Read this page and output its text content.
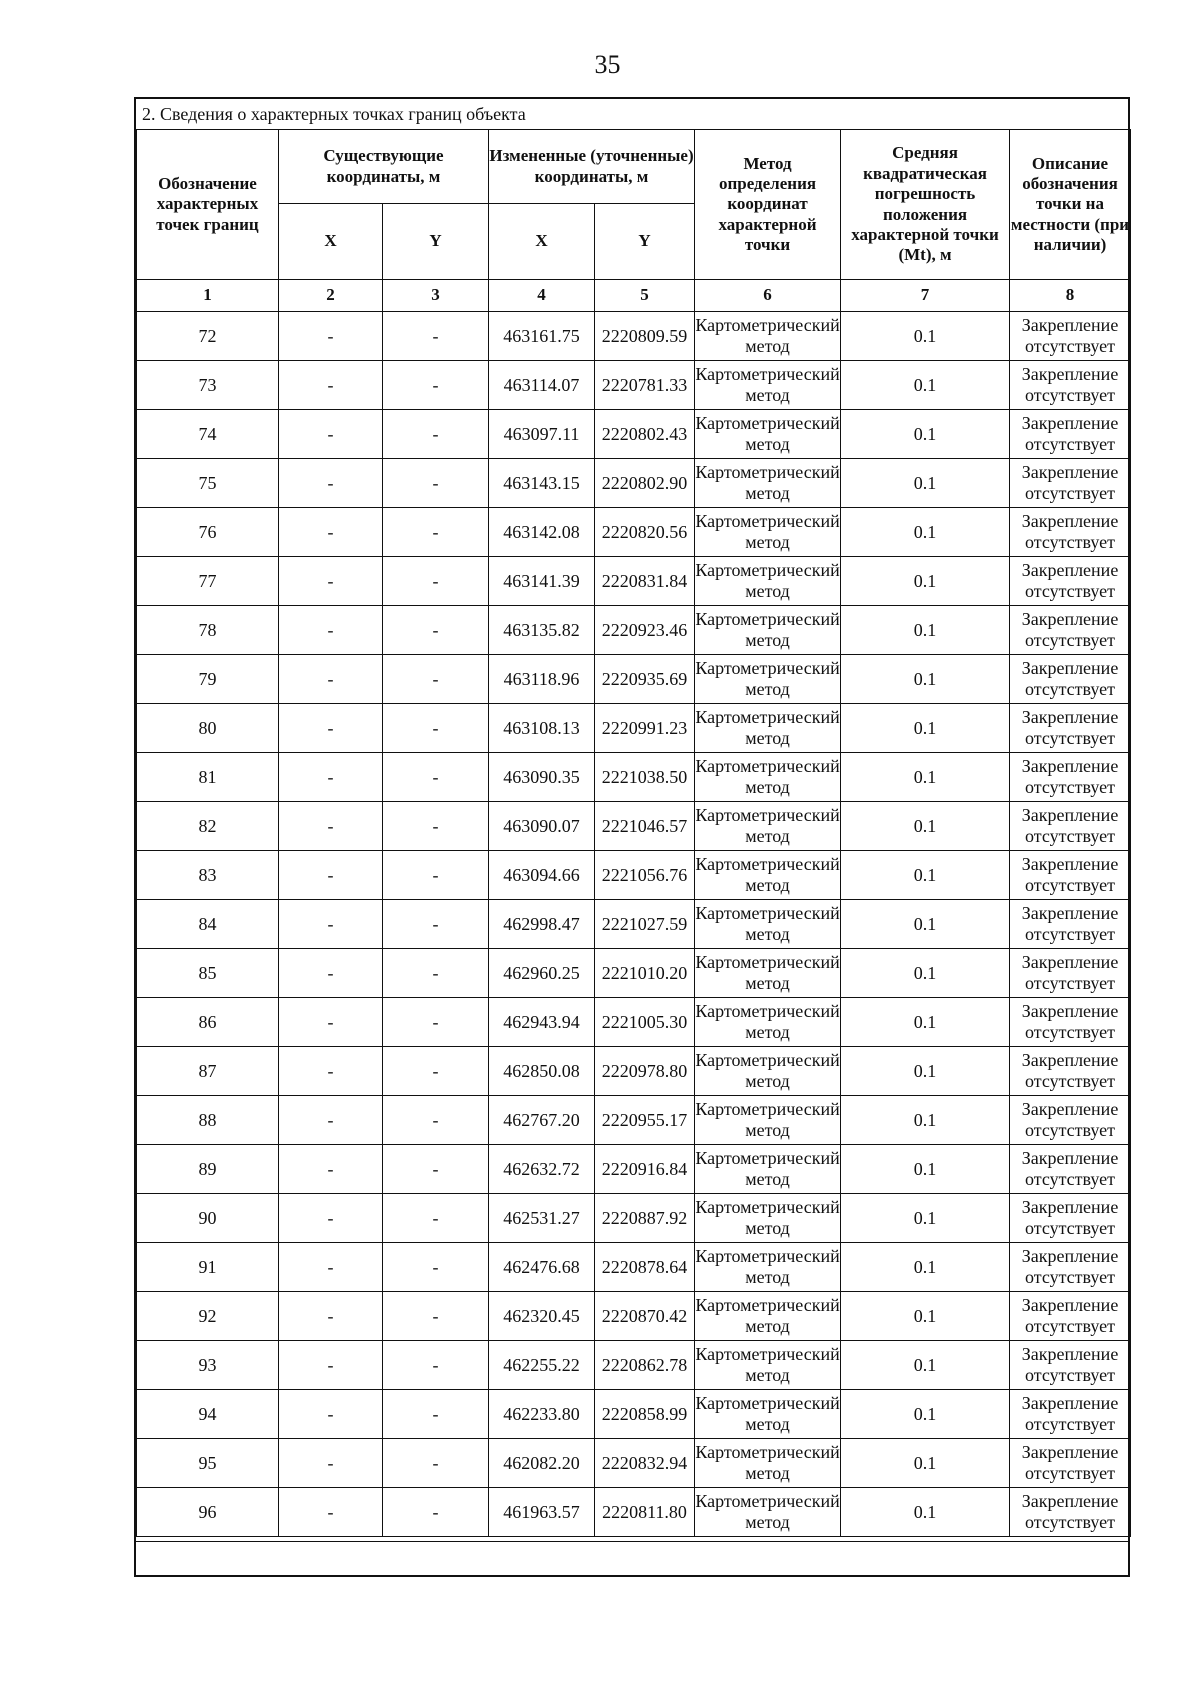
35
2. Сведения о характерных точках границ объекта
Обозначение характерных точек границ	Существующие координаты, м		Измененные (уточненные) координаты, м		Метод определения координат характерной точки	Средняя квадратическая погрешность положения характерной точки (Mt), м	Описание обозначения точки на местности (при наличии)
	X	Y	X	Y			
1	2	3	4	5	6	7	8
72	-	-	463161.75	2220809.59	Картометрический метод	0.1	Закрепление отсутствует
73	-	-	463114.07	2220781.33	Картометрический метод	0.1	Закрепление отсутствует
74	-	-	463097.11	2220802.43	Картометрический метод	0.1	Закрепление отсутствует
75	-	-	463143.15	2220802.90	Картометрический метод	0.1	Закрепление отсутствует
76	-	-	463142.08	2220820.56	Картометрический метод	0.1	Закрепление отсутствует
77	-	-	463141.39	2220831.84	Картометрический метод	0.1	Закрепление отсутствует
78	-	-	463135.82	2220923.46	Картометрический метод	0.1	Закрепление отсутствует
79	-	-	463118.96	2220935.69	Картометрический метод	0.1	Закрепление отсутствует
80	-	-	463108.13	2220991.23	Картометрический метод	0.1	Закрепление отсутствует
81	-	-	463090.35	2221038.50	Картометрический метод	0.1	Закрепление отсутствует
82	-	-	463090.07	2221046.57	Картометрический метод	0.1	Закрепление отсутствует
83	-	-	463094.66	2221056.76	Картометрический метод	0.1	Закрепление отсутствует
84	-	-	462998.47	2221027.59	Картометрический метод	0.1	Закрепление отсутствует
85	-	-	462960.25	2221010.20	Картометрический метод	0.1	Закрепление отсутствует
86	-	-	462943.94	2221005.30	Картометрический метод	0.1	Закрепление отсутствует
87	-	-	462850.08	2220978.80	Картометрический метод	0.1	Закрепление отсутствует
88	-	-	462767.20	2220955.17	Картометрический метод	0.1	Закрепление отсутствует
89	-	-	462632.72	2220916.84	Картометрический метод	0.1	Закрепление отсутствует
90	-	-	462531.27	2220887.92	Картометрический метод	0.1	Закрепление отсутствует
91	-	-	462476.68	2220878.64	Картометрический метод	0.1	Закрепление отсутствует
92	-	-	462320.45	2220870.42	Картометрический метод	0.1	Закрепление отсутствует
93	-	-	462255.22	2220862.78	Картометрический метод	0.1	Закрепление отсутствует
94	-	-	462233.80	2220858.99	Картометрический метод	0.1	Закрепление отсутствует
95	-	-	462082.20	2220832.94	Картометрический метод	0.1	Закрепление отсутствует
96	-	-	461963.57	2220811.80	Картометрический метод	0.1	Закрепление отсутствует
